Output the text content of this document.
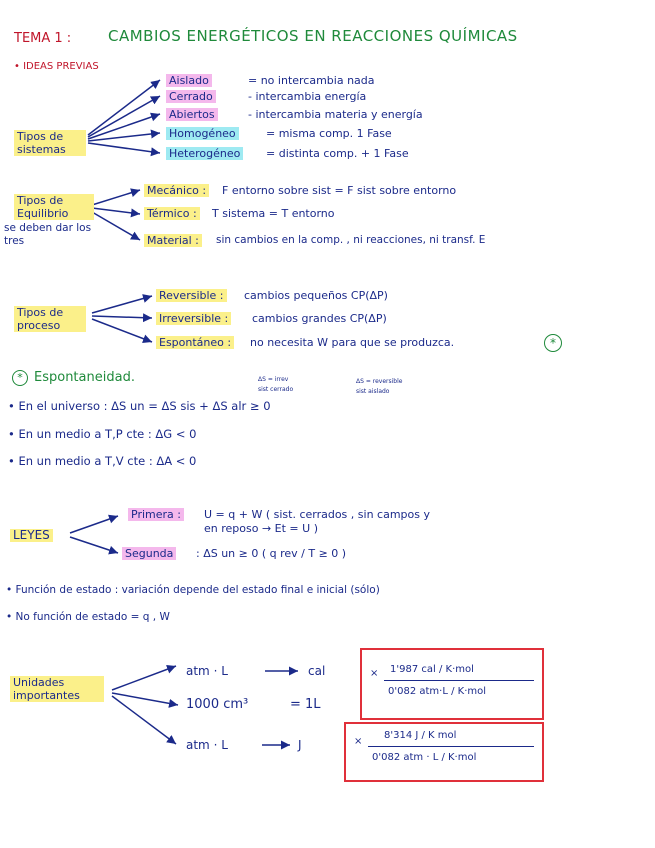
TEMA 1 : CAMBIOS ENERGÉTICOS EN REACCIONES QUÍMICAS
• IDEAS PREVIAS
Tipos de sistemas
Aislado	= no intercambia nada
Cerrado	- intercambia energía
Abiertos	- intercambia materia y energía
Homogéneo	= misma comp. 1 Fase
Heterogéneo = distinta comp. + 1 Fase
Tipos de Equilibrio
se deben dar los tres
Mecánico : F entorno sobre sist = F sist sobre entorno
Térmico : T sistema = T entorno
Material : sin cambios en la comp. , ni reacciones, ni transf. E
Tipos de proceso
Reversible : cambios pequeños CP(ΔP)
Irreversible : cambios grandes CP(ΔP)
Espontáneo : no necesita W para que se produzca.	*
* Espontaneidad.	ΔS = irrev
sist cerrado
ΔS = reversible
sist aislado
• En el universo : ΔS un = ΔS sis + ΔS alr ≥ 0
• En un medio a T,P cte : ΔG < 0
• En un medio a T,V cte : ΔA < 0
LEYES
Primera : U = q + W ( sist. cerrados , sin campos y
en reposo → Et = U )
Segunda : ΔS un ≥ 0 ( q rev / T ≥ 0 )
• Función de estado : variación depende del estado final e inicial (sólo)
• No función de estado = q , W
Unidades importantes
atm · L	cal
1000 cm³	= 1L
atm · L	J
× 1'987 cal / K·mol
0'082 atm·L / K·mol
×
8'314 J / K mol
0'082 atm · L / K·mol
